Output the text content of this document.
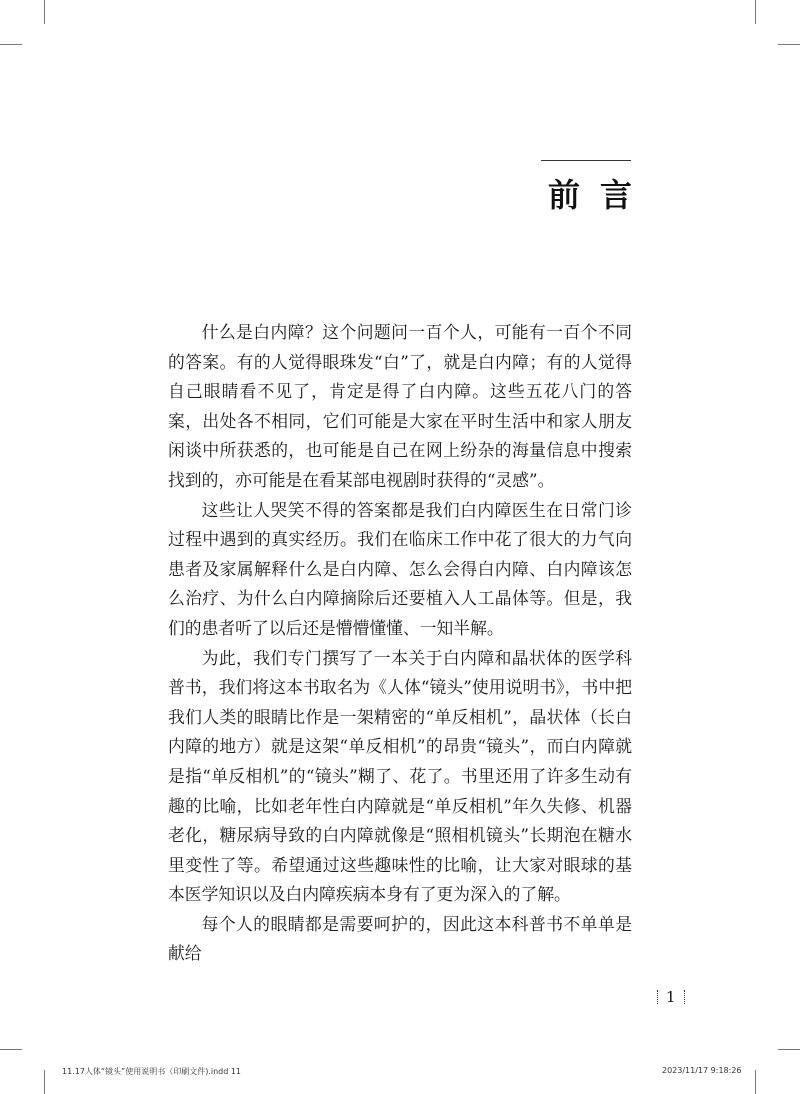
前言

什么是白内障？这个问题问一百个人，可能有一百个不同的答案。有的人觉得眼珠发“白”了，就是白内障；有的人觉得自己眼睛看不见了，肯定是得了白内障。这些五花八门的答案，出处各不相同，它们可能是大家在平时生活中和家人朋友闲谈中所获悉的，也可能是自己在网上纷杂的海量信息中搜索找到的，亦可能是在看某部电视剧时获得的“灵感”。

这些让人哭笑不得的答案都是我们白内障医生在日常门诊过程中遇到的真实经历。我们在临床工作中花了很大的力气向患者及家属解释什么是白内障、怎么会得白内障、白内障该怎么治疗、为什么白内障摘除后还要植入人工晶体等。但是，我们的患者听了以后还是懵懵懂懂、一知半解。

为此，我们专门撰写了一本关于白内障和晶状体的医学科普书，我们将这本书取名为《人体“镜头”使用说明书》，书中把我们人类的眼睛比作是一架精密的“单反相机”，晶状体（长白内障的地方）就是这架“单反相机”的昂贵“镜头”，而白内障就是指“单反相机”的“镜头”糊了、花了。书里还用了许多生动有趣的比喻，比如老年性白内障就是“单反相机”年久失修、机器老化，糖尿病导致的白内障就像是“照相机镜头”长期泡在糖水里变性了等。希望通过这些趣味性的比喻，让大家对眼球的基本医学知识以及白内障疾病本身有了更为深入的了解。

每个人的眼睛都是需要呵护的，因此这本科普书不单单是献给

1
11.17人体“镜头”使用说明书（印刷文件).indd 11	2023/11/17 9:18:26
